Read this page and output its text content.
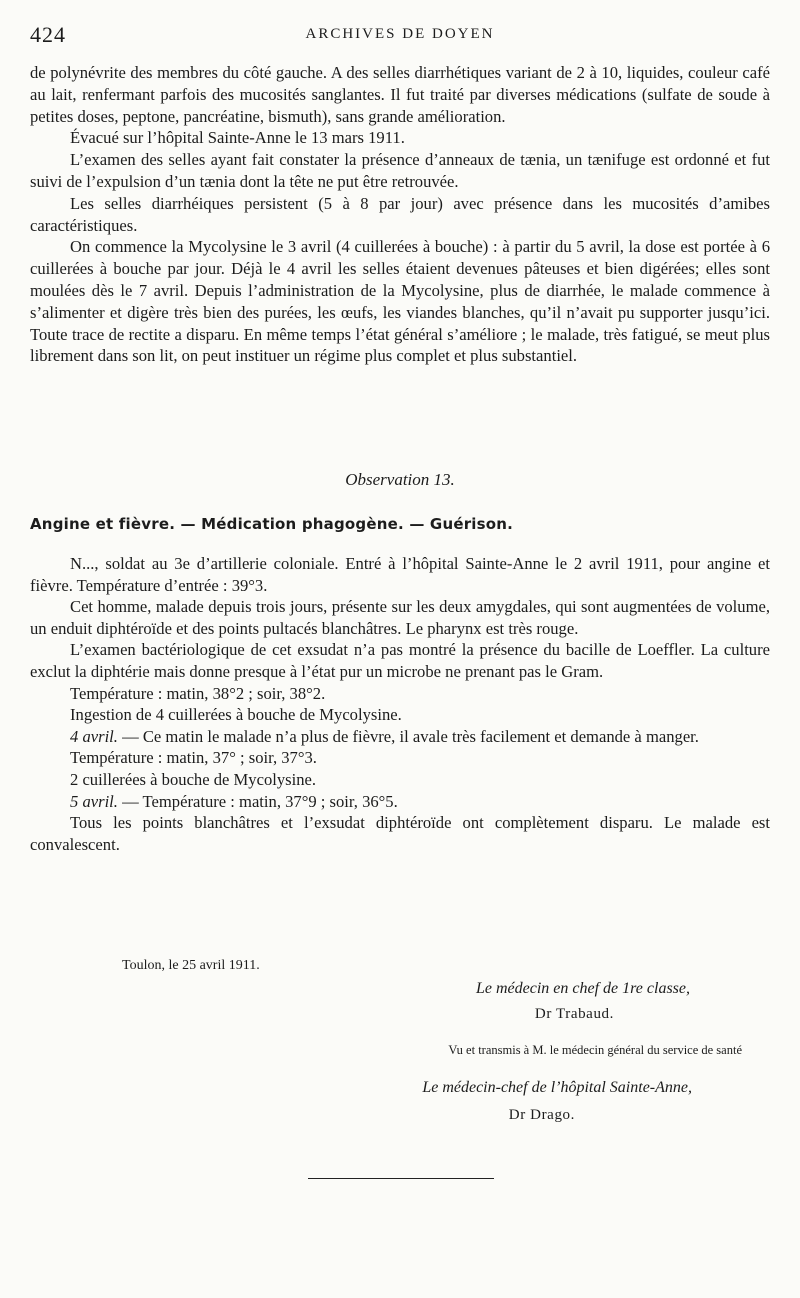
424	ARCHIVES DE DOYEN

de polynévrite des membres du côté gauche. A des selles diarrhétiques variant de 2 à 10, liquides, couleur café au lait, renfermant parfois des mucosités sanglantes. Il fut traité par diverses médications (sulfate de soude à petites doses, peptone, pancréatine, bismuth), sans grande amélioration.

Évacué sur l’hôpital Sainte-Anne le 13 mars 1911.

L’examen des selles ayant fait constater la présence d’anneaux de tænia, un tænifuge est ordonné et fut suivi de l’expulsion d’un tænia dont la tête ne put être retrouvée.

Les selles diarrhéiques persistent (5 à 8 par jour) avec présence dans les mucosités d’amibes caractéristiques.

On commence la Mycolysine le 3 avril (4 cuillerées à bouche) : à partir du 5 avril, la dose est portée à 6 cuillerées à bouche par jour. Déjà le 4 avril les selles étaient devenues pâteuses et bien digérées; elles sont moulées dès le 7 avril. Depuis l’administration de la Mycolysine, plus de diarrhée, le malade commence à s’alimenter et digère très bien des purées, les œufs, les viandes blanches, qu’il n’avait pu supporter jusqu’ici. Toute trace de rectite a disparu. En même temps l’état général s’améliore ; le malade, très fatigué, se meut plus librement dans son lit, on peut instituer un régime plus complet et plus substantiel.

Observation 13.
Angine et fièvre. — Médication phagogène. — Guérison.

N..., soldat au 3e d’artillerie coloniale. Entré à l’hôpital Sainte-Anne le 2 avril 1911, pour angine et fièvre. Température d’entrée : 39°3.

Cet homme, malade depuis trois jours, présente sur les deux amygdales, qui sont augmentées de volume, un enduit diphtéroïde et des points pultacés blanchâtres. Le pharynx est très rouge.

L’examen bactériologique de cet exsudat n’a pas montré la présence du bacille de Loeffler. La culture exclut la diphtérie mais donne presque à l’état pur un microbe ne prenant pas le Gram.

Température : matin, 38°2 ; soir, 38°2.

Ingestion de 4 cuillerées à bouche de Mycolysine.

4 avril. — Ce matin le malade n’a plus de fièvre, il avale très facilement et demande à manger.

Température : matin, 37° ; soir, 37°3.

2 cuillerées à bouche de Mycolysine.

5 avril. — Température : matin, 37°9 ; soir, 36°5.

Tous les points blanchâtres et l’exsudat diphtéroïde ont complètement disparu. Le malade est convalescent.

Toulon, le 25 avril 1911.
Le médecin en chef de 1re classe,
Dr Trabaud.
Vu et transmis à M. le médecin général du service de santé
Le médecin-chef de l’hôpital Sainte-Anne,
Dr Drago.
